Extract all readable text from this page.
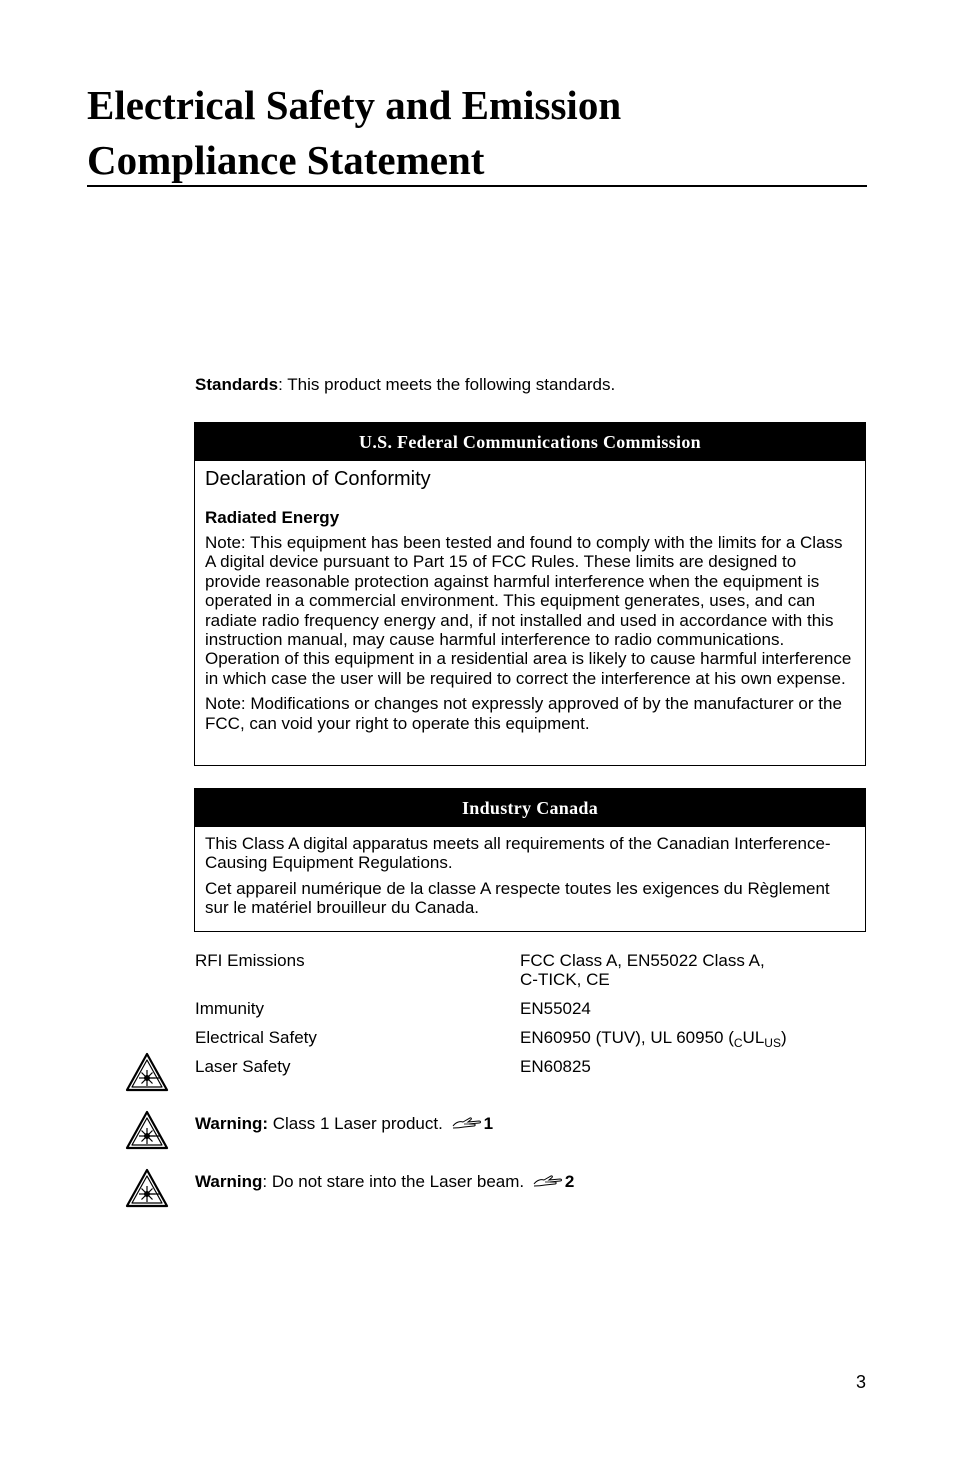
Electrical Safety and Emission
Compliance Statement
Standards: This product meets the following standards.
U.S. Federal Communications Commission

Declaration of Conformity

Radiated Energy

Note: This equipment has been tested and found to comply with the limits for a Class A digital device pursuant to Part 15 of FCC Rules. These limits are designed to provide reasonable protection against harmful interference when the equipment is operated in a commercial environment. This equipment generates, uses, and can radiate radio frequency energy and, if not installed and used in accordance with this instruction manual, may cause harmful interference to radio communications. Operation of this equipment in a residential area is likely to cause harmful interference in which case the user will be required to correct the interference at his own expense.

Note: Modifications or changes not expressly approved of by the manufacturer or the FCC, can void your right to operate this equipment.

Industry Canada

This Class A digital apparatus meets all requirements of the Canadian Interference-Causing Equipment Regulations.

Cet appareil numérique de la classe A respecte toutes les exigences du Règlement sur le matériel brouilleur du Canada.

RFI Emissions	FCC Class A, EN55022 Class A,
C-TICK, CE
Immunity	EN55024
Electrical Safety	EN60950 (TUV), UL 60950 $(_CUL_{US})$
Laser Safety	EN60825
Warning: Class 1 Laser product. 1
Warning: Do not stare into the Laser beam. 2
3
